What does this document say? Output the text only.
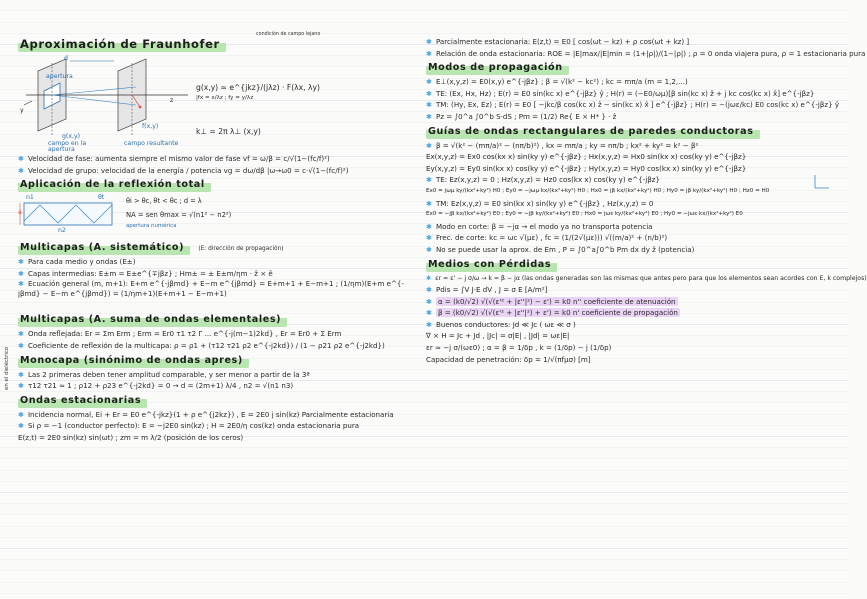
Aproximación de Fraunhofer
condición de campo lejano
d
z
y
apertura
g(x,y)
f(x,y)
campo en la apertura
campo resultante
g(x,y) ≈ e^{jkz}/(jλz) · F(λx, λy)
|fx = x/λz ; fy = y/λz
k⊥ = 2π λ⊥ (x,y)
✱ Velocidad de fase: aumenta siempre el mismo valor de fase vf = ω/β = c/√(1−(fc/f)²)
✱ Velocidad de grupo: velocidad de la energía / potencia vg = dω/dβ |ω→ω0 = c·√(1−(fc/f)²)
Aplicación de la reflexión total
n1
n2
a
θt	θi > θc, θt < θc ; d = λ
NA = sen θmax = √(n1² − n2²)
apertura numérica
Multicapas (A. sistemático) (E: dirección de propagación)
✱ Para cada medio y ondas (E±)
✱ Capas intermedias: E±m = E±e^{∓jβz} ; Hm± = ± E±m/ηm · ẑ × ê
✱ Ecuación general (m, m+1): E+m e^{-jβmd} + E−m e^{jβmd} = E+m+1 + E−m+1 ; (1/ηm)(E+m e^{-jβmd} − E−m e^{jβmd}) = (1/ηm+1)(E+m+1 − E−m+1)
Multicapas (A. suma de ondas elementales)
✱ Onda reflejada: Er = Σm Erm ; Erm = Er0 τ1 τ2 Γ ... e^{-j(m−1)2kd} , Er = Er0 + Σ Erm
✱ Coeficiente de reflexión de la multicapa: ρ = ρ1 + (τ12 τ21 ρ2 e^{-j2kd}) / (1 − ρ21 ρ2 e^{-j2kd})
Monocapa (sinónimo de ondas apres)
✱ Las 2 primeras deben tener amplitud comparable, y ser menor a partir de la 3ª
✱ τ12 τ21 ≈ 1 ; ρ12 + ρ23 e^{-j2kd} = 0 → d = (2m+1) λ/4 , n2 = √(n1 n3)
Ondas estacionarias
✱ Incidencia normal, Ei + Er = E0 e^{-jkz}(1 + ρ e^{j2kz}) , E = 2E0 j sin(kz) Parcialmente estacionaria
✱ Si ρ = −1 (conductor perfecto): E = −j2E0 sin(kz) ; H = 2E0/η cos(kz) onda estacionaria pura
E(z,t) = 2E0 sin(kz) sin(ωt) ; zm = m λ/2 (posición de los ceros)
en el dieléctrico
✱ Parcialmente estacionaria: E(z,t) = E0 [ cos(ωt − kz) + ρ cos(ωt + kz) ]
✱ Relación de onda estacionaria: ROE = |E|max/|E|min = (1+|ρ|)/(1−|ρ|) ; ρ = 0 onda viajera pura, ρ = 1 estacionaria pura
Modos de propagación
✱ E⊥(x,y,z) = E0(x,y) e^{-jβz} ; β = √(k² − kc²) ; kc = mπ/a (m = 1,2,...)
✱ TE: (Ex, Hx, Hz) ; E(r) = E0 sin(kc x) e^{-jβz} ŷ ; H(r) = (−E0/ωμ)[β sin(kc x) ẑ + j kc cos(kc x) x̂] e^{-jβz}
✱ TM: (Hy, Ex, Ez) ; E(r) = E0 [ −jkc/β cos(kc x) ẑ − sin(kc x) x̂ ] e^{-jβz} ; H(r) = −(jωε/kc) E0 cos(kc x) e^{-jβz} ŷ
✱ Pz = ∫0^a ∫0^b S·dS ; Pm = (1/2) Re{ E × H* } · ẑ
Guías de ondas rectangulares de paredes conductoras
✱ β = √(k² − (mπ/a)² − (nπ/b)²) , kx = mπ/a ; ky = nπ/b ; kx² + ky² = k² − β²
Ex(x,y,z) = Ex0 cos(kx x) sin(ky y) e^{-jβz} ; Hx(x,y,z) = Hx0 sin(kx x) cos(ky y) e^{-jβz}
Ey(x,y,z) = Ey0 sin(kx x) cos(ky y) e^{-jβz} ; Hy(x,y,z) = Hy0 cos(kx x) sin(ky y) e^{-jβz}
✱ TE: Ez(x,y,z) = 0 ; Hz(x,y,z) = Hz0 cos(kx x) cos(ky y) e^{-jβz}
Ex0 = jωμ ky/(kx²+ky²) H0 ; Ey0 = −jωμ kx/(kx²+ky²) H0 ; Hx0 = jβ kx/(kx²+ky²) H0 ; Hy0 = jβ ky/(kx²+ky²) H0 ; Hz0 = H0
✱ TM: Ez(x,y,z) = E0 sin(kx x) sin(ky y) e^{-jβz} , Hz(x,y,z) = 0
Ex0 = −jβ kx/(kx²+ky²) E0 ; Ey0 = −jβ ky/(kx²+ky²) E0 ; Hx0 = jωε ky/(kx²+ky²) E0 ; Hy0 = −jωε kx/(kx²+ky²) E0
✱ Modo en corte: β = −jα → el modo ya no transporta potencia
✱ Frec. de corte: kc = ωc √(με) , fc = (1/(2√(με))) √((m/a)² + (n/b)²)
✱ No se puede usar la aprox. de Em , P = ∫0^a∫0^b Pm dx dy ẑ (potencia)
Medios con Pérdidas
✱ εr = ε' − j σ/ω → k = β − jα (las ondas generadas son las mismas que antes pero para que los elementos sean acordes con E, k complejos)
✱ Pdis = ∫V J·E dV , J = σ E [A/m²]
✱ α = (k0/√2) √(√(ε'² + |ε''|²) − ε') = k0 n'' coeficiente de atenuación
✱ β = (k0/√2) √(√(ε'² + |ε''|²) + ε') = k0 n' coeficiente de propagación
✱ Buenos conductores: Jd ≪ Jc ( ωε ≪ σ )
∇ × H = Jc + Jd , |Jc| = σ|E| , |Jd| = ωε|E|
εr ≈ −j σ/(ωε0) ; α = β = 1/δp , k = (1/δp) − j (1/δp)
Capacidad de penetración: δp = 1/√(πfμσ) [m]
